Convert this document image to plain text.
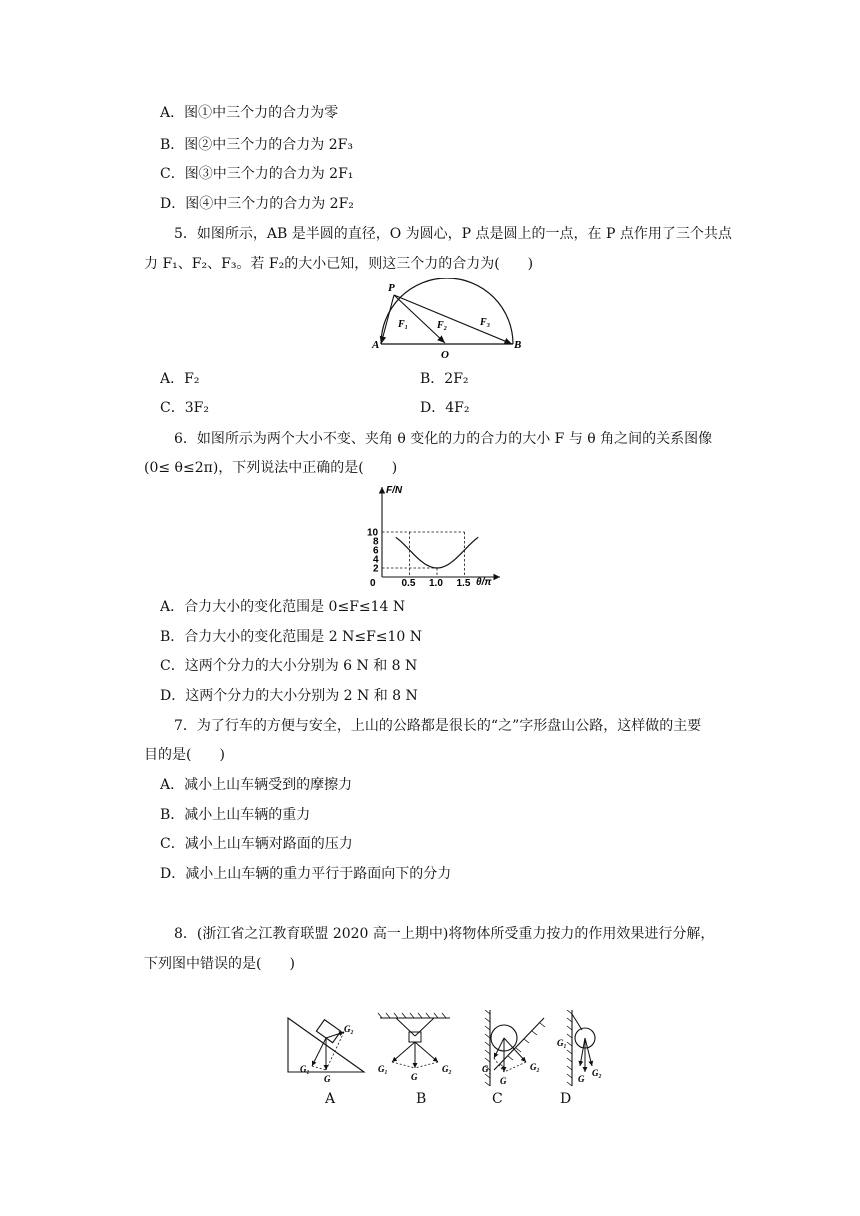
A．图①中三个力的合力为零
B．图②中三个力的合力为 2F₃
C．图③中三个力的合力为 2F₁
D．图④中三个力的合力为 2F₂
5．如图所示，AB 是半圆的直径，O 为圆心，P 点是圆上的一点，在 P 点作用了三个共点
力 F₁、F₂、F₃。若 F₂的大小已知，则这三个力的合力为(　　)
P
A
O
B
F₁	F₂	F₃
A．F₂	B．2F₂
C．3F₂	D．4F₂
6．如图所示为两个大小不变、夹角 θ 变化的力的合力的大小 F 与 θ 角之间的关系图像
(0≤ θ≤2π)，下列说法中正确的是(　　)
F/N
θ/π
10
8
6
4
2
0	0.5 1.0 1.5
A．合力大小的变化范围是 0≤F≤14 N
B．合力大小的变化范围是 2 N≤F≤10 N
C．这两个分力的大小分别为 6 N 和 8 N
D．这两个分力的大小分别为 2 N 和 8 N
7．为了行车的方便与安全，上山的公路都是很长的“之”字形盘山公路，这样做的主要
目的是(　　)
A．减小上山车辆受到的摩擦力
B．减小上山车辆的重力
C．减小上山车辆对路面的压力
D．减小上山车辆的重力平行于路面向下的分力
8．(浙江省之江教育联盟 2020 高一上期中)将物体所受重力按力的作用效果进行分解，
下列图中错误的是(　　)
G₁
G
G₂
G₁
G
G₂	G₁
G
G₂
G₁
G
G₂
A	B	C	D
